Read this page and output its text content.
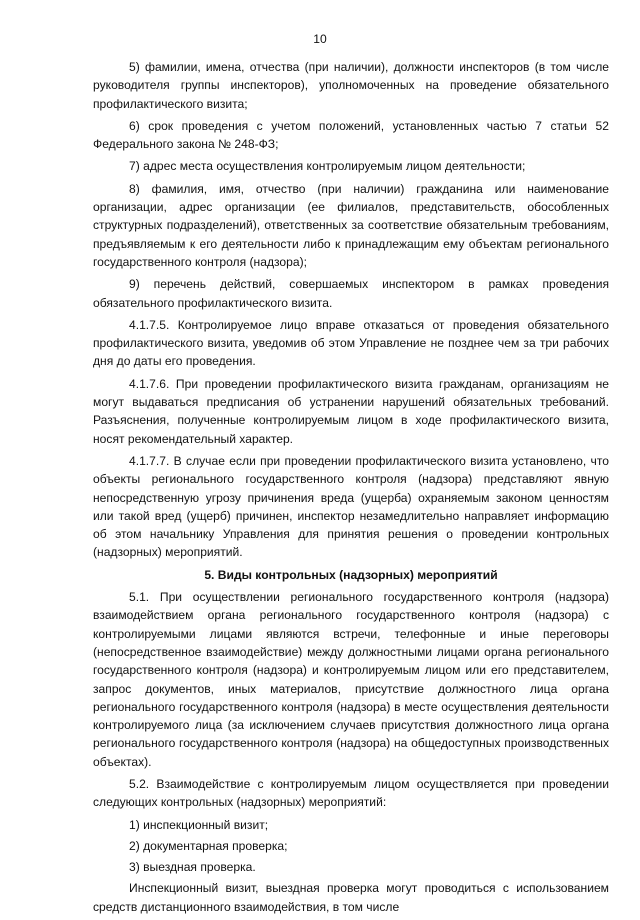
10

5) фамилии, имена, отчества (при наличии), должности инспекторов (в том числе руководителя группы инспекторов), уполномоченных на проведение обязательного профилактического визита;

6) срок проведения с учетом положений, установленных частью 7 статьи 52 Федерального закона № 248-ФЗ;

7) адрес места осуществления контролируемым лицом деятельности;

8) фамилия, имя, отчество (при наличии) гражданина или наименование организации, адрес организации (ее филиалов, представительств, обособленных структурных подразделений), ответственных за соответствие обязательным требованиям, предъявляемым к его деятельности либо к принадлежащим ему объектам регионального государственного контроля (надзора);

9) перечень действий, совершаемых инспектором в рамках проведения обязательного профилактического визита.

4.1.7.5. Контролируемое лицо вправе отказаться от проведения обязательного профилактического визита, уведомив об этом Управление не позднее чем за три рабочих дня до даты его проведения.

4.1.7.6. При проведении профилактического визита гражданам, организациям не могут выдаваться предписания об устранении нарушений обязательных требований. Разъяснения, полученные контролируемым лицом в ходе профилактического визита, носят рекомендательный характер.

4.1.7.7. В случае если при проведении профилактического визита установлено, что объекты регионального государственного контроля (надзора) представляют явную непосредственную угрозу причинения вреда (ущерба) охраняемым законом ценностям или такой вред (ущерб) причинен, инспектор незамедлительно направляет информацию об этом начальнику Управления для принятия решения о проведении контрольных (надзорных) мероприятий.

5. Виды контрольных (надзорных) мероприятий

5.1. При осуществлении регионального государственного контроля (надзора) взаимодействием органа регионального государственного контроля (надзора) с контролируемыми лицами являются встречи, телефонные и иные переговоры (непосредственное взаимодействие) между должностными лицами органа регионального государственного контроля (надзора) и контролируемым лицом или его представителем, запрос документов, иных материалов, присутствие должностного лица органа регионального государственного контроля (надзора) в месте осуществления деятельности контролируемого лица (за исключением случаев присутствия должностного лица органа регионального государственного контроля (надзора) на общедоступных производственных объектах).

5.2. Взаимодействие с контролируемым лицом осуществляется при проведении следующих контрольных (надзорных) мероприятий:

1) инспекционный визит;

2) документарная проверка;

3) выездная проверка.

Инспекционный визит, выездная проверка могут проводиться с использованием средств дистанционного взаимодействия, в том числе
